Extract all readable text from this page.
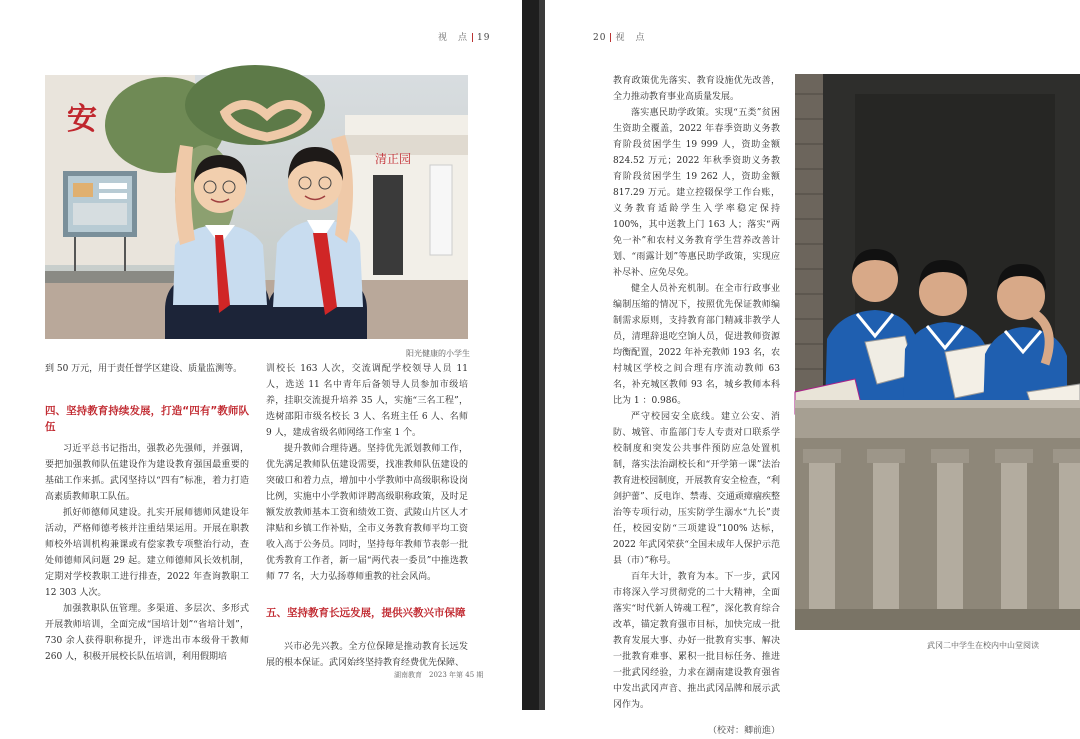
视　点 19
安
清正园
阳光健康的小学生

到 50 万元，用于责任督学区建设、质量监测等。

四、坚持教育持续发展，打造“四有”教师队伍

习近平总书记指出，强教必先强师，并强调，要把加强教师队伍建设作为建设教育强国最重要的基础工作来抓。武冈坚持以“四有”标准，着力打造高素质教师职工队伍。

抓好师德师风建设。扎实开展师德师风建设年活动，严格师德考核并注重结果运用。开展在职教师校外培训机构兼课或有偿家教专项整治行动，查处师德师风问题 29 起。建立师德师风长效机制，定期对学校教职工进行排查，2022 年查询教职工 12 303 人次。

加强教职队伍管理。多渠道、多层次、多形式开展教师培训，全面完成“国培计划”“省培计划”，730 余人获得职称提升，评选出市本级骨干教师 260 人，积极开展校长队伍培训，利用假期培

训校长 163 人次，交流调配学校领导人员 11 人，选送 11 名中青年后备领导人员参加市级培养，挂职交流提升培养 35 人，实施“三名工程”，选树邵阳市级名校长 3 人、名班主任 6 人、名师 9 人，建成省级名师网络工作室 1 个。

提升教师合理待遇。坚持优先派划教师工作，优先满足教师队伍建设需要，找准教师队伍建设的突破口和着力点，增加中小学教师中高级职称设岗比例，实施中小学教师评聘高级职称政策，及时足额发放教师基本工资和绩效工资、武陵山片区人才津贴和乡镇工作补贴，全市义务教育教师平均工资收入高于公务员。同时，坚持每年教师节表彰一批优秀教育工作者，新一届“两代表一委员”中推选教师 77 名，大力弘扬尊师重教的社会风尚。

五、坚持教育长远发展，提供兴教兴市保障

兴市必先兴教。全方位保障是推动教育长远发展的根本保证。武冈始终坚持教育经费优先保障、

湖南教育　2023 年第 45 期
20 视　点

教育政策优先落实、教育设施优先改善，全力推动教育事业高质量发展。

落实惠民助学政策。实现“五类”贫困生资助全覆盖，2022 年春季资助义务教育阶段贫困学生 19 999 人，资助金额 824.52 万元；2022 年秋季资助义务教育阶段贫困学生 19 262 人，资助金额 817.29 万元。建立控辍保学工作台账，义务教育适龄学生入学率稳定保持 100%，其中送教上门 163 人；落实“两免一补”和农村义务教育学生营养改善计划、“雨露计划”等惠民助学政策，实现应补尽补、应免尽免。

健全人员补充机制。在全市行政事业编制压缩的情况下，按照优先保证教师编制需求原则，支持教育部门精减非教学人员，清理辞退吃空饷人员，促进教师资源均衡配置，2022 年补充教师 193 名，农村城区学校之间合理有序流动教师 63 名，补充城区教师 93 名，城乡教师本科比为 1 ：0.986。

严守校园安全底线。建立公安、消防、城管、市监部门专人专责对口联系学校制度和突发公共事件预防应急处置机制，落实法治副校长和“开学第一课”法治教育进校园制度，开展教育安全检查，“利剑护蕾”、反电诈、禁毒、交通顽瘴痼疾整治等专项行动，压实防学生溺水“九长”责任，校园安防“三项建设”100% 达标，2022 年武冈荣获“全国未成年人保护示范县（市）”称号。

百年大计，教育为本。下一步，武冈市将深入学习贯彻党的二十大精神，全面落实“时代新人铸魂工程”，深化教育综合改革，锚定教育强市目标，加快完成一批教育发展大事、办好一批教育实事、解决一批教育难事、累积一批目标任务、推进一批武冈经验，力求在湖南建设教育强省中发出武冈声音、推出武冈品牌和展示武冈作为。

（校对：卿前進）

武冈二中学生在校内中山堂阅读
